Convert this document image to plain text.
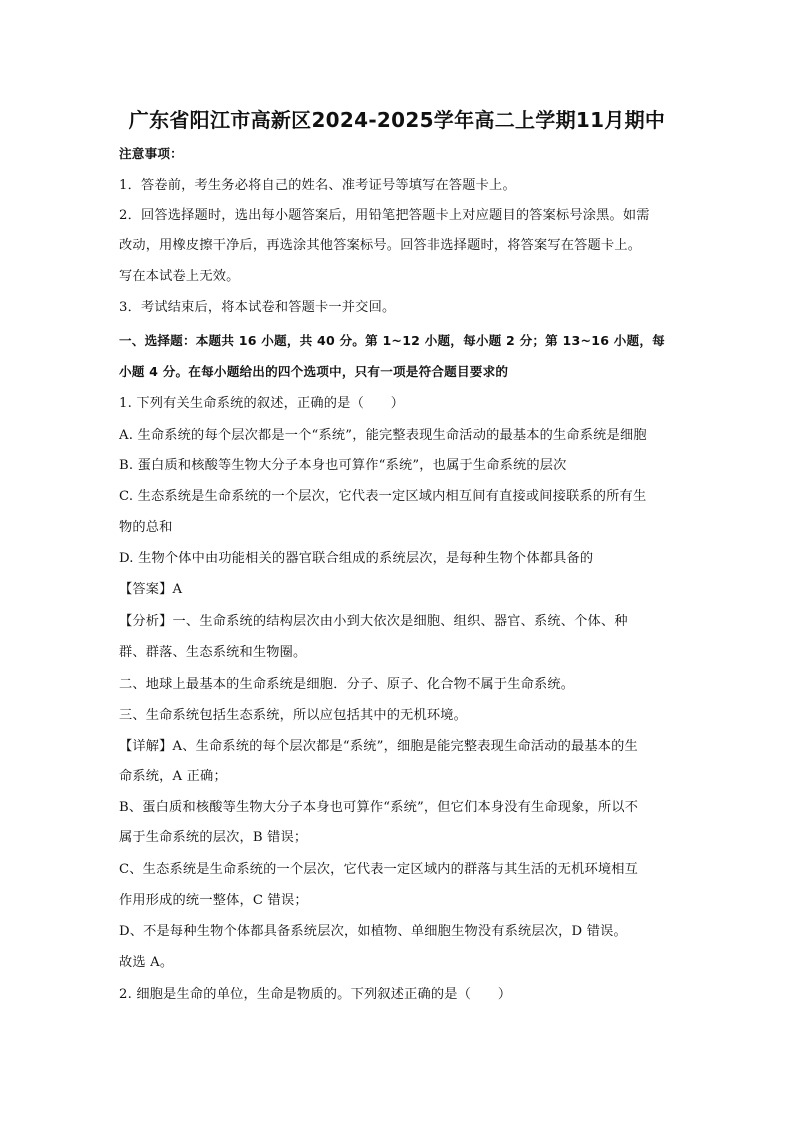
广东省阳江市高新区2024-2025学年高二上学期11月期中
注意事项：
1．答卷前，考生务必将自己的姓名、准考证号等填写在答题卡上。
2．回答选择题时，选出每小题答案后，用铅笔把答题卡上对应题目的答案标号涂黑。如需
改动，用橡皮擦干净后，再选涂其他答案标号。回答非选择题时，将答案写在答题卡上。
写在本试卷上无效。
3．考试结束后，将本试卷和答题卡一并交回。
一、选择题：本题共 16 小题，共 40 分。第 1~12 小题，每小题 2 分；第 13~16 小题，每
小题 4 分。在每小题给出的四个选项中，只有一项是符合题目要求的
1. 下列有关生命系统的叙述，正确的是（　　）
A. 生命系统的每个层次都是一个“系统”，能完整表现生命活动的最基本的生命系统是细胞
B. 蛋白质和核酸等生物大分子本身也可算作“系统”，也属于生命系统的层次
C. 生态系统是生命系统的一个层次，它代表一定区域内相互间有直接或间接联系的所有生
物的总和
D. 生物个体中由功能相关的器官联合组成的系统层次，是每种生物个体都具备的
【答案】A
【分析】一、生命系统的结构层次由小到大依次是细胞、组织、器官、系统、个体、种
群、群落、生态系统和生物圈。
二、地球上最基本的生命系统是细胞．分子、原子、化合物不属于生命系统。
三、生命系统包括生态系统，所以应包括其中的无机环境。
【详解】A、生命系统的每个层次都是“系统”，细胞是能完整表现生命活动的最基本的生
命系统，A 正确；
B、蛋白质和核酸等生物大分子本身也可算作“系统”，但它们本身没有生命现象，所以不
属于生命系统的层次，B 错误；
C、生态系统是生命系统的一个层次，它代表一定区域内的群落与其生活的无机环境相互
作用形成的统一整体，C 错误；
D、不是每种生物个体都具备系统层次，如植物、单细胞生物没有系统层次，D 错误。
故选 A。
2. 细胞是生命的单位，生命是物质的。下列叙述正确的是（　　）
